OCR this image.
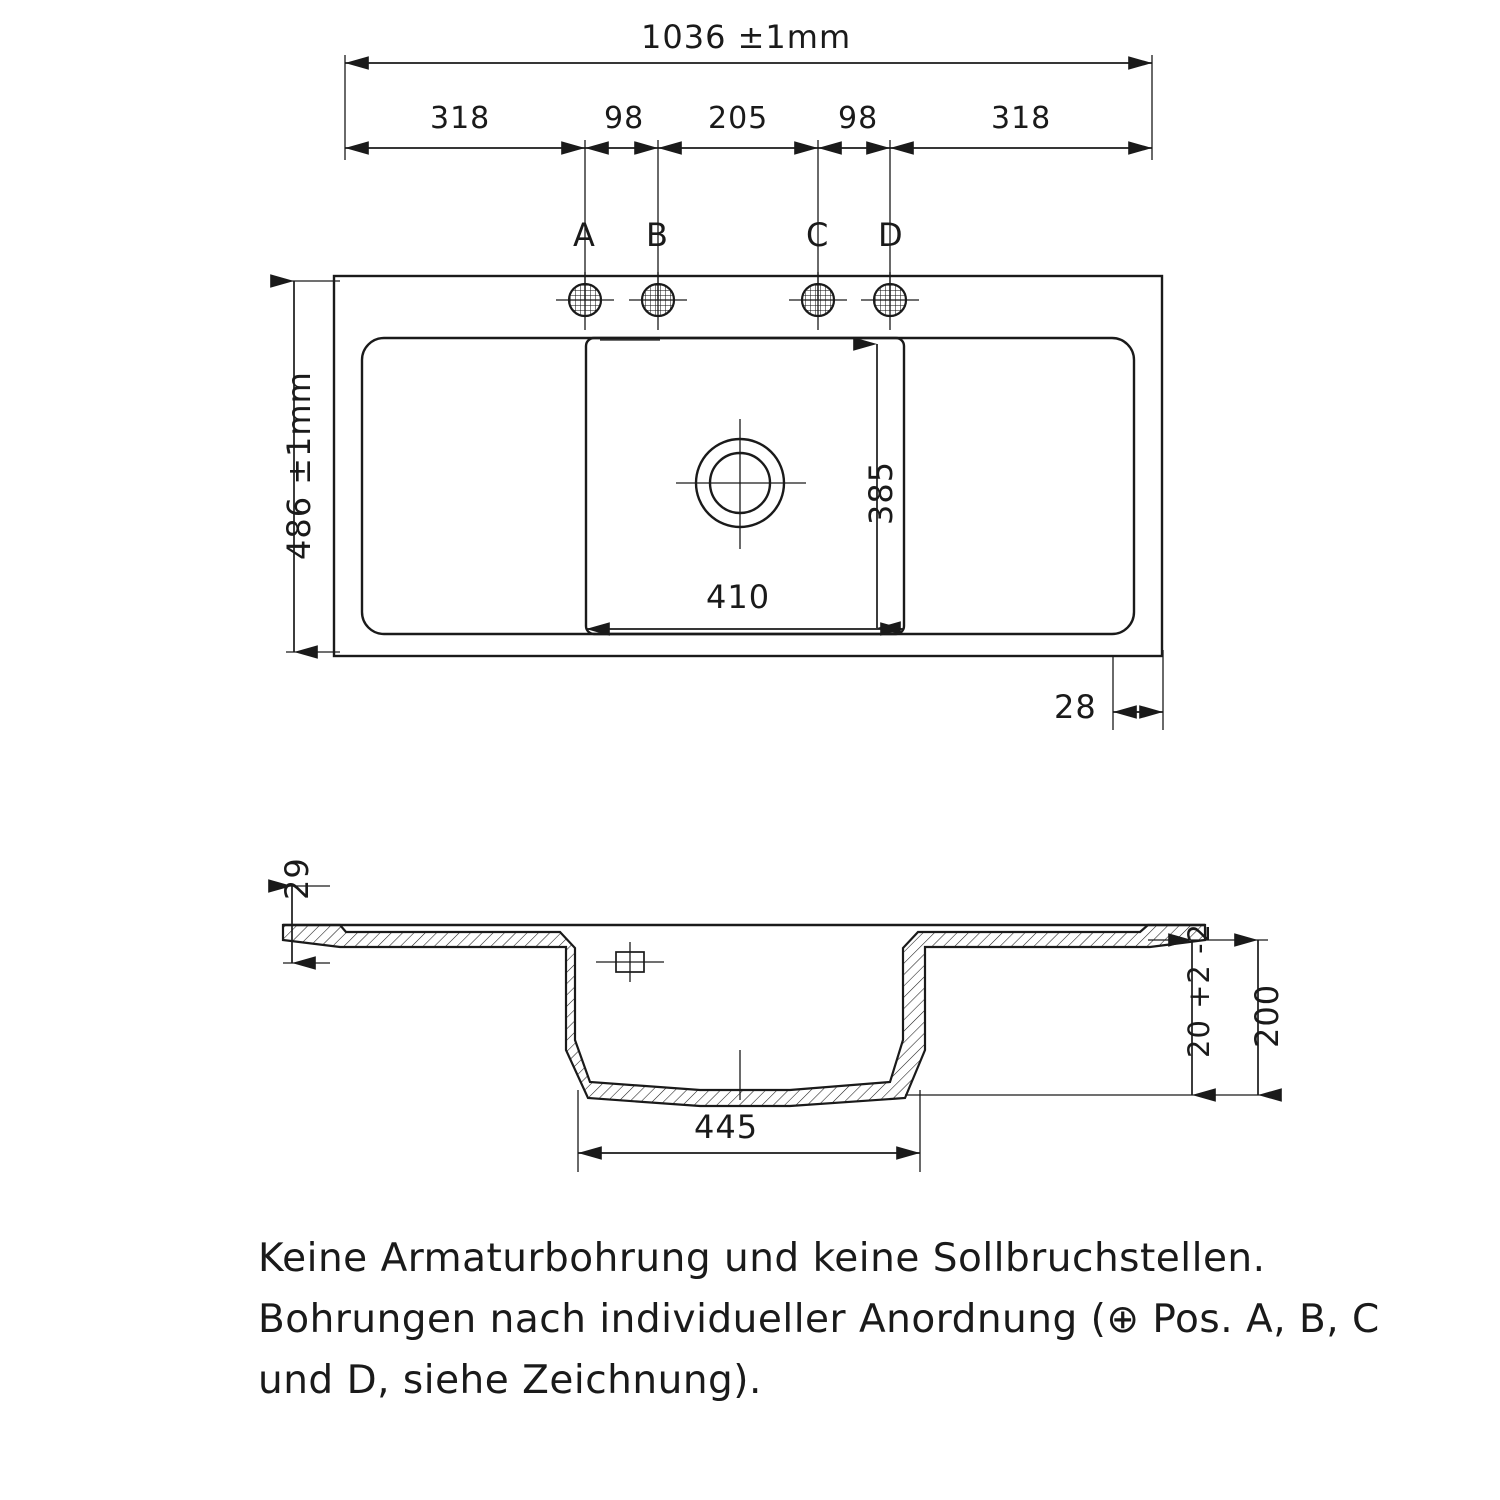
1036 ±1mm
318	98 205 98	318
A B	C D
486 ±1mm	385
410
28
29
20 +2 -2 200
445
Keine Armaturbohrung und keine Sollbruchstellen. Bohrungen nach individueller Anordnung (⊕ Pos. A, B, C und D, siehe Zeichnung).
